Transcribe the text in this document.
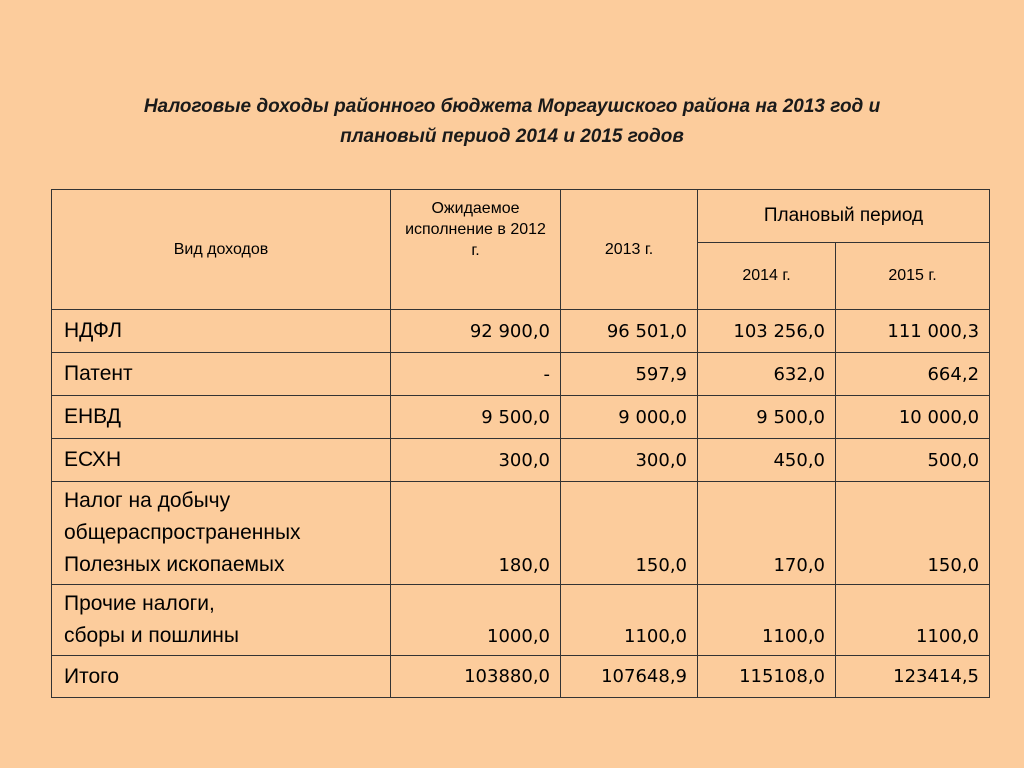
Налоговые доходы районного бюджета Моргаушского района на 2013 год и
плановый период 2014 и 2015 годов
Вид доходов	Ожидаемое исполнение в 2012 г.	2013 г.	Плановый период	
			2014 г.	2015 г.
НДФЛ	92 900,0	96 501,0	103 256,0	111 000,3
Патент	-	597,9	632,0	664,2
ЕНВД	9 500,0	9 000,0	9 500,0	10 000,0
ЕСХН	300,0	300,0	450,0	500,0

Налог на добычу
общераспространенных
Полезных ископаемых	180,0	150,0	170,0	150,0

Прочие налоги,
сборы и пошлины	1000,0	1100,0	1100,0	1100,0
Итого	103880,0	107648,9	115108,0	123414,5
